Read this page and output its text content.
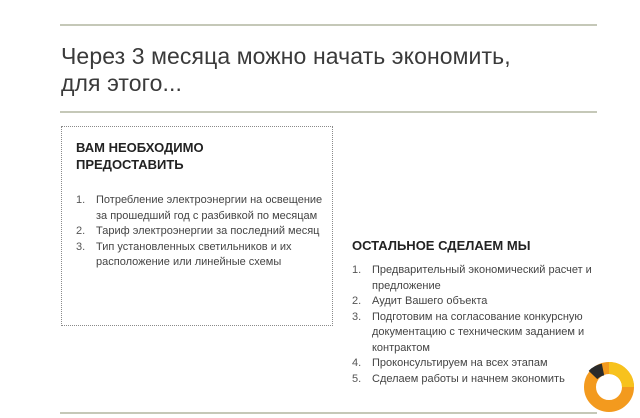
Через 3 месяца можно начать экономить,
для этого...
ВАМ НЕОБХОДИМО
ПРЕДОСТАВИТЬ
1. Потребление электроэнергии на освещение за прошедший год с разбивкой по месяцам
2. Тариф электроэнергии за последний месяц
3. Тип установленных светильников и их расположение или линейные схемы
ОСТАЛЬНОЕ СДЕЛАЕМ МЫ
1. Предварительный экономический расчет и предложение
2. Аудит Вашего объекта
3. Подготовим на согласование конкурсную документацию с техническим заданием и контрактом
4. Проконсультируем на всех этапам
5. Сделаем работы и начнем экономить
